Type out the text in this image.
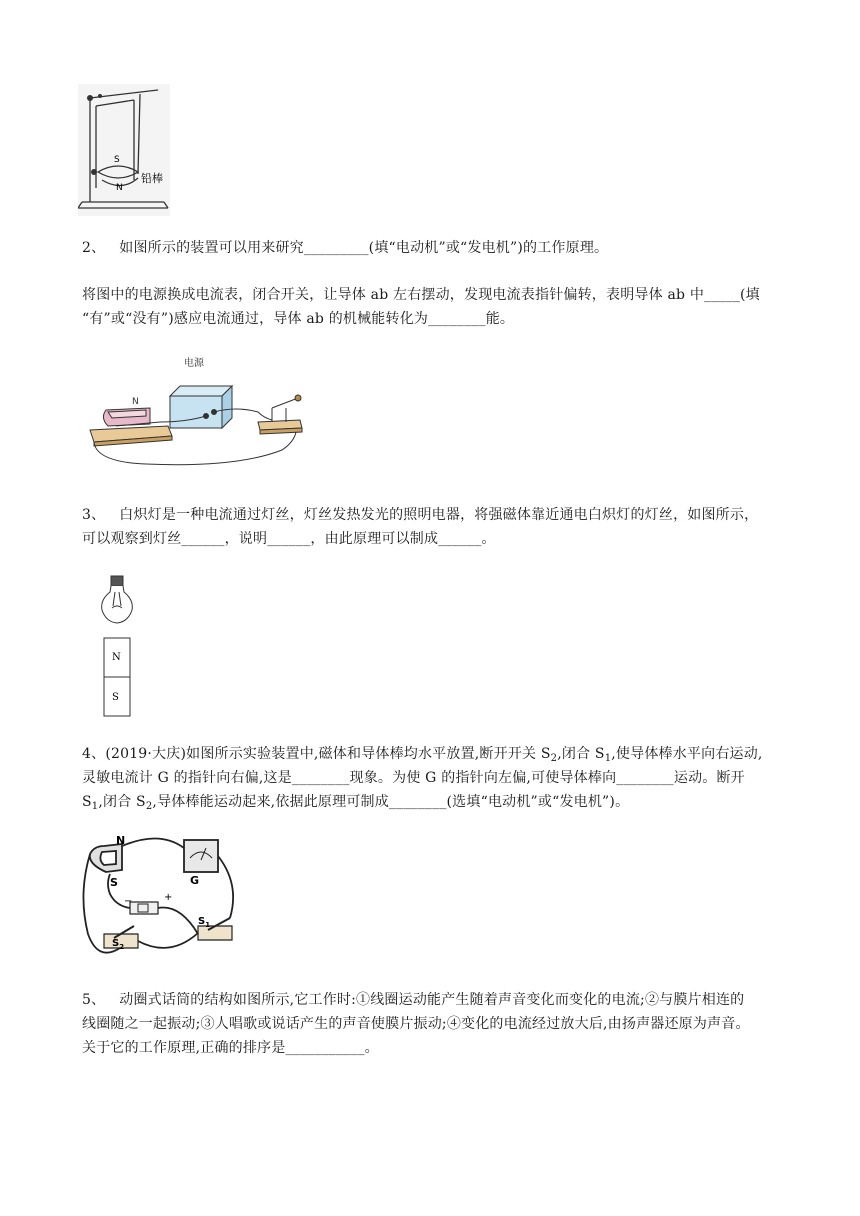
S
N
铅棒

2、 如图所示的装置可以用来研究_________(填“电动机”或“发电机”)的工作原理。

将图中的电源换成电流表，闭合开关，让导体 ab 左右摆动，发现电流表指针偏转，表明导体 ab 中_____(填
“有”或“没有”)感应电流通过，导体 ab 的机械能转化为________能。

电源
N

3、 白炽灯是一种电流通过灯丝，灯丝发热发光的照明电器，将强磁体靠近通电白炽灯的灯丝，如图所示，
可以观察到灯丝______，说明______，由此原理可以制成______。

N
S

4、(2019·大庆)如图所示实验装置中,磁体和导体棒均水平放置,断开开关 $S_2$,闭合 $S_1$,使导体棒水平向右运动,
灵敏电流计 G 的指针向右偏,这是________现象。为使 G 的指针向左偏,可使导体棒向________运动。断开
$S_1$,闭合 $S_2$,导体棒能运动起来,依据此原理可制成________(选填“电动机”或“发电机”)。

N
S	G
−	+
$S_2$
$S_1$

5、 动圈式话筒的结构如图所示,它工作时:①线圈运动能产生随着声音变化而变化的电流;②与膜片相连的
线圈随之一起振动;③人唱歌或说话产生的声音使膜片振动;④变化的电流经过放大后,由扬声器还原为声音。
关于它的工作原理,正确的排序是___________。
